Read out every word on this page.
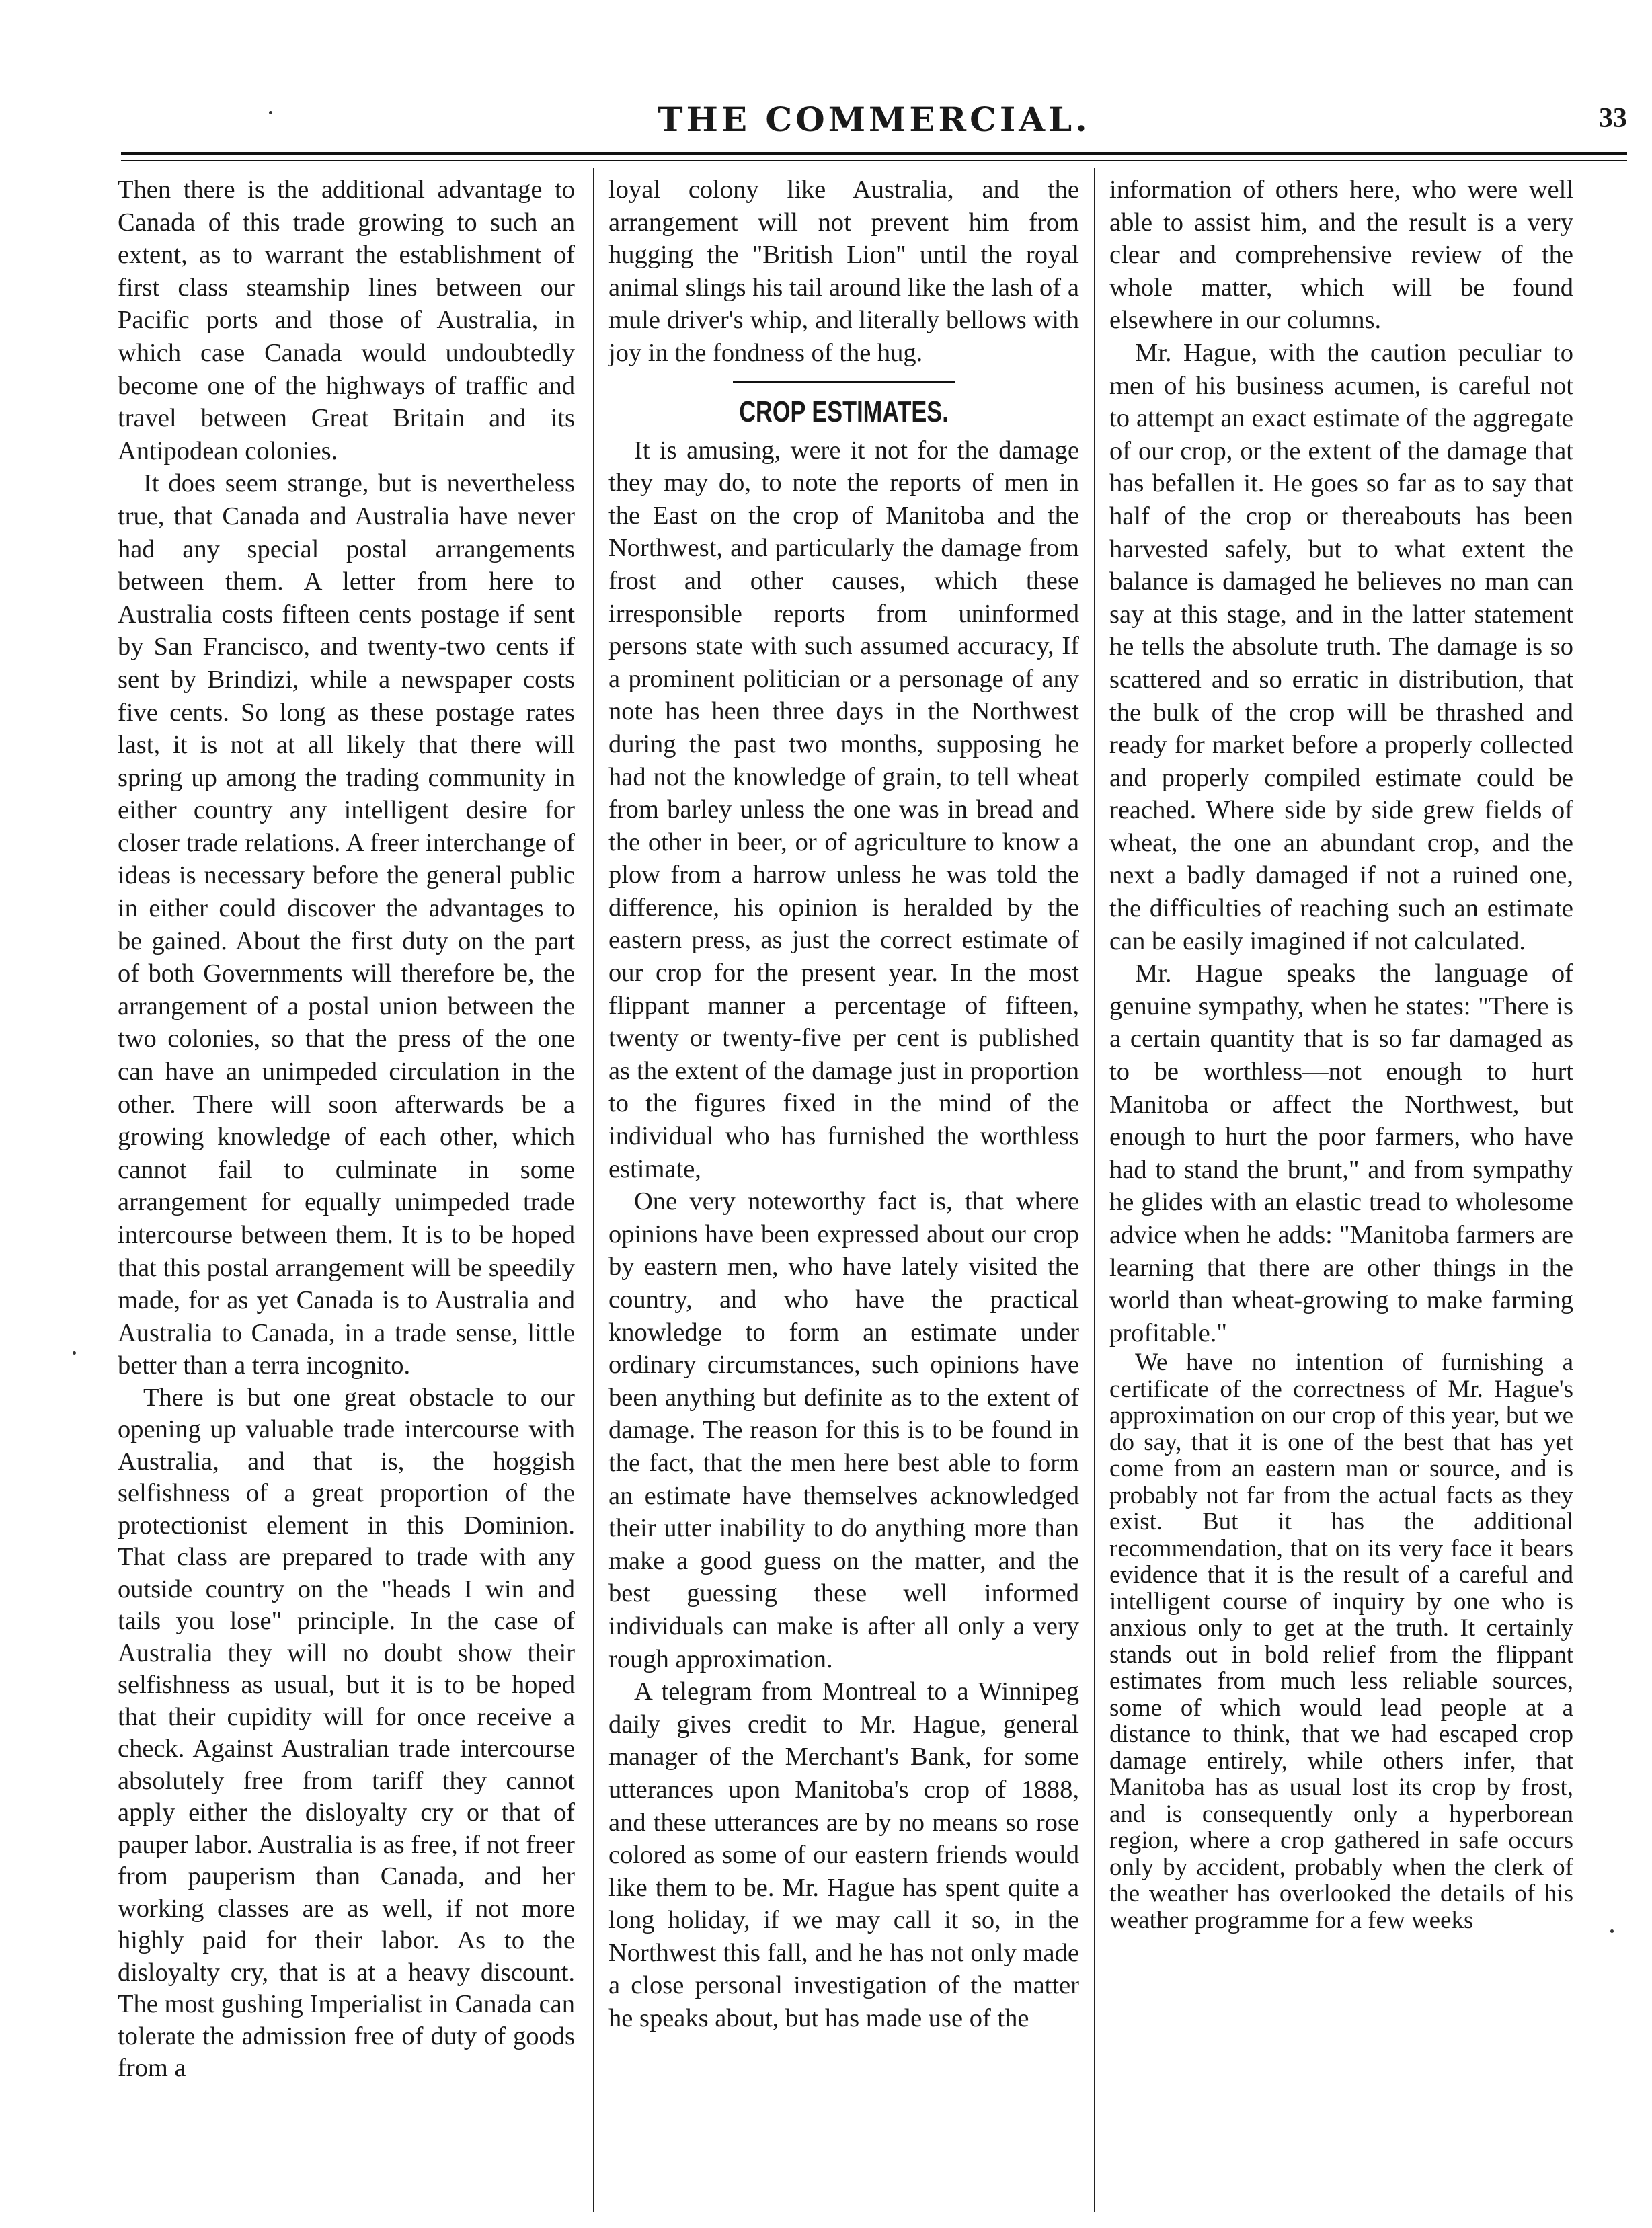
THE COMMERCIAL.	33

Then there is the additional advantage to Canada of this trade growing to such an extent, as to warrant the establishment of first class steamship lines between our Pacific ports and those of Australia, in which case Canada would undoubtedly become one of the highways of traffic and travel between Great Britain and its Antipodean colonies.

It does seem strange, but is nevertheless true, that Canada and Australia have never had any special postal arrangements between them. A letter from here to Australia costs fifteen cents postage if sent by San Francisco, and twenty-two cents if sent by Brindizi, while a newspaper costs five cents. So long as these postage rates last, it is not at all likely that there will spring up among the trading community in either country any intelligent desire for closer trade relations. A freer interchange of ideas is necessary before the general public in either could discover the advantages to be gained. About the first duty on the part of both Governments will therefore be, the arrangement of a postal union between the two colonies, so that the press of the one can have an unimpeded circulation in the other. There will soon afterwards be a growing knowledge of each other, which cannot fail to culminate in some arrangement for equally unimpeded trade intercourse between them. It is to be hoped that this postal arrangement will be speedily made, for as yet Canada is to Australia and Australia to Canada, in a trade sense, little better than a terra incognito.

There is but one great obstacle to our opening up valuable trade intercourse with Australia, and that is, the hoggish selfishness of a great proportion of the protectionist element in this Dominion. That class are prepared to trade with any outside country on the "heads I win and tails you lose" principle. In the case of Australia they will no doubt show their selfishness as usual, but it is to be hoped that their cupidity will for once receive a check. Against Australian trade intercourse absolutely free from tariff they cannot apply either the disloyalty cry or that of pauper labor. Australia is as free, if not freer from pauperism than Canada, and her working classes are as well, if not more highly paid for their labor. As to the disloyalty cry, that is at a heavy discount. The most gushing Imperialist in Canada can tolerate the admission free of duty of goods from a

loyal colony like Australia, and the arrangement will not prevent him from hugging the "British Lion" until the royal animal slings his tail around like the lash of a mule driver's whip, and literally bellows with joy in the fondness of the hug.

CROP ESTIMATES.

It is amusing, were it not for the damage they may do, to note the reports of men in the East on the crop of Manitoba and the Northwest, and particularly the damage from frost and other causes, which these irresponsible reports from uninformed persons state with such assumed accuracy, If a prominent politician or a personage of any note has heen three days in the Northwest during the past two months, supposing he had not the knowledge of grain, to tell wheat from barley unless the one was in bread and the other in beer, or of agriculture to know a plow from a harrow unless he was told the difference, his opinion is heralded by the eastern press, as just the correct estimate of our crop for the present year. In the most flippant manner a percentage of fifteen, twenty or twenty-five per cent is published as the extent of the damage just in proportion to the figures fixed in the mind of the individual who has furnished the worthless estimate,

One very noteworthy fact is, that where opinions have been expressed about our crop by eastern men, who have lately visited the country, and who have the practical knowledge to form an estimate under ordinary circumstances, such opinions have been anything but definite as to the extent of damage. The reason for this is to be found in the fact, that the men here best able to form an estimate have themselves acknowledged their utter inability to do anything more than make a good guess on the matter, and the best guessing these well informed individuals can make is after all only a very rough approximation.

A telegram from Montreal to a Winnipeg daily gives credit to Mr. Hague, general manager of the Merchant's Bank, for some utterances upon Manitoba's crop of 1888, and these utterances are by no means so rose colored as some of our eastern friends would like them to be. Mr. Hague has spent quite a long holiday, if we may call it so, in the Northwest this fall, and he has not only made a close personal investigation of the matter he speaks about, but has made use of the

information of others here, who were well able to assist him, and the result is a very clear and comprehensive review of the whole matter, which will be found elsewhere in our columns.

Mr. Hague, with the caution peculiar to men of his business acumen, is careful not to attempt an exact estimate of the aggregate of our crop, or the extent of the damage that has befallen it. He goes so far as to say that half of the crop or thereabouts has been harvested safely, but to what extent the balance is damaged he believes no man can say at this stage, and in the latter statement he tells the absolute truth. The damage is so scattered and so erratic in distribution, that the bulk of the crop will be thrashed and ready for market before a properly collected and properly compiled estimate could be reached. Where side by side grew fields of wheat, the one an abundant crop, and the next a badly damaged if not a ruined one, the difficulties of reaching such an estimate can be easily imagined if not calculated.

Mr. Hague speaks the language of genuine sympathy, when he states: "There is a certain quantity that is so far damaged as to be worthless—not enough to hurt Manitoba or affect the Northwest, but enough to hurt the poor farmers, who have had to stand the brunt," and from sympathy he glides with an elastic tread to wholesome advice when he adds: "Manitoba farmers are learning that there are other things in the world than wheat-growing to make farming profitable."

We have no intention of furnishing a certificate of the correctness of Mr. Hague's approximation on our crop of this year, but we do say, that it is one of the best that has yet come from an eastern man or source, and is probably not far from the actual facts as they exist. But it has the additional recommendation, that on its very face it bears evidence that it is the result of a careful and intelligent course of inquiry by one who is anxious only to get at the truth. It certainly stands out in bold relief from the flippant estimates from much less reliable sources, some of which would lead people at a distance to think, that we had escaped crop damage entirely, while others infer, that Manitoba has as usual lost its crop by frost, and is consequently only a hyperborean region, where a crop gathered in safe occurs only by accident, probably when the clerk of the weather has overlooked the details of his weather programme for a few weeks
